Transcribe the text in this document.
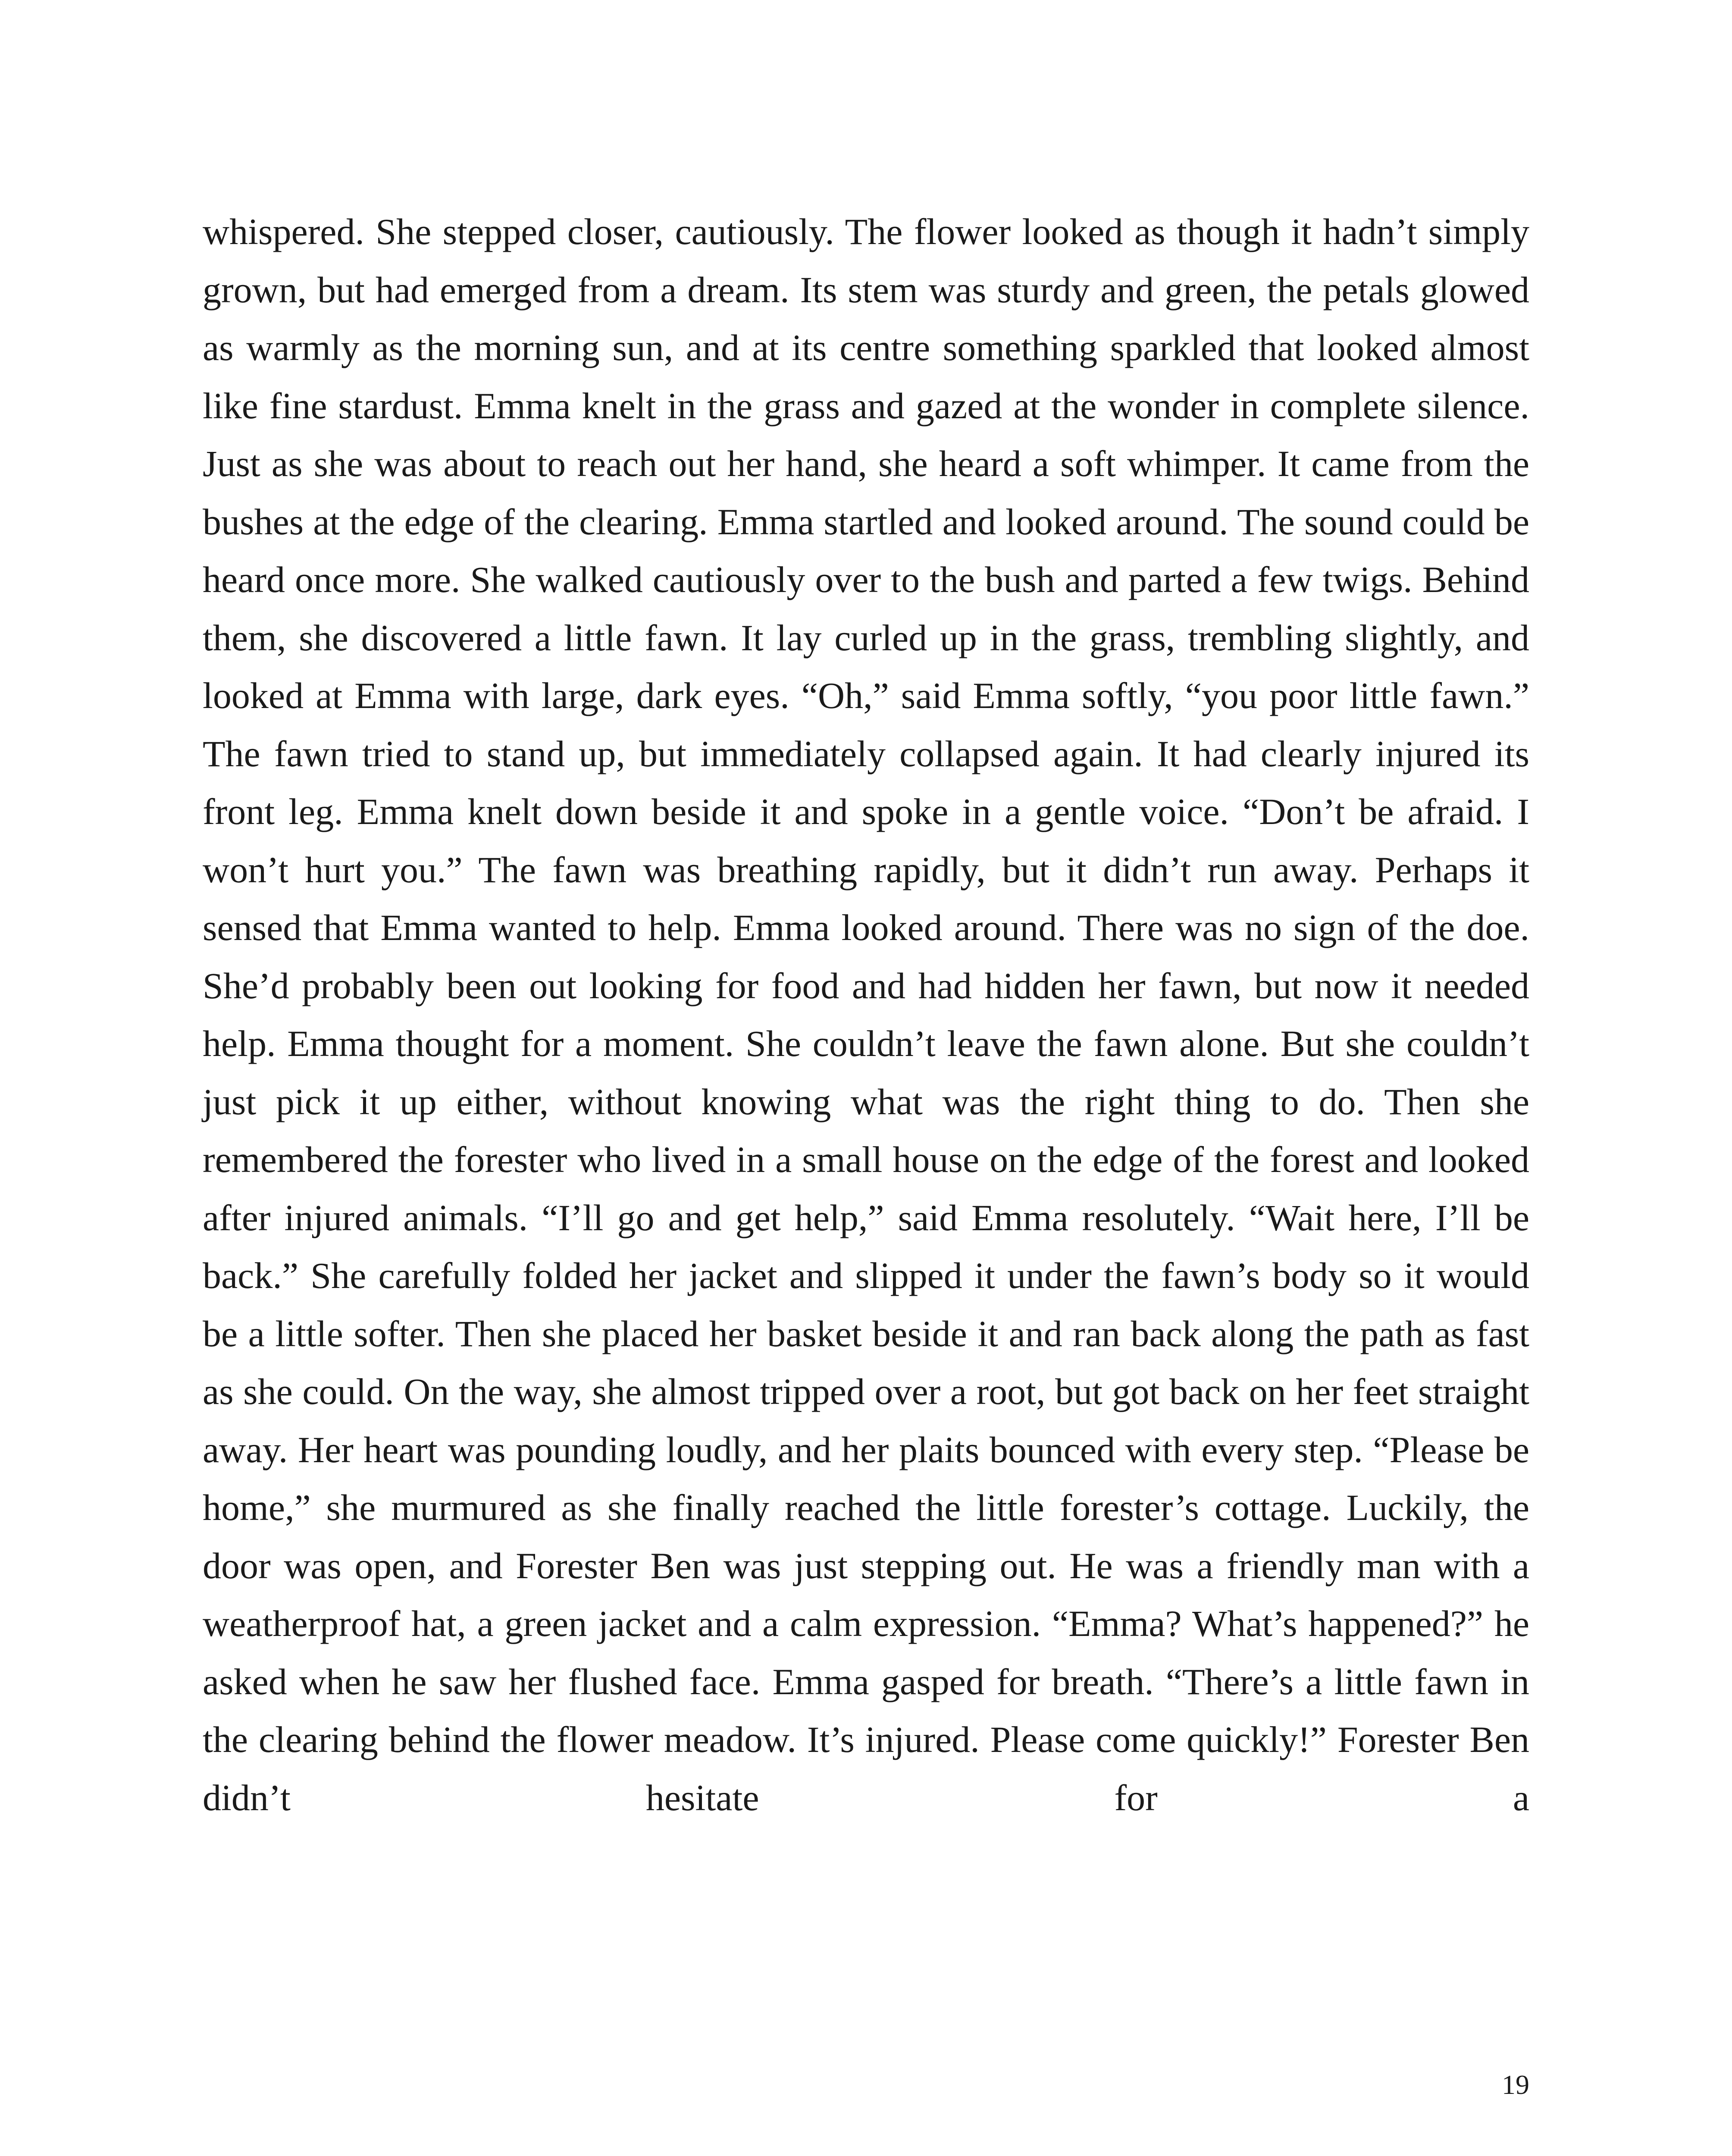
whispered. She stepped closer, cautiously. The flower looked as though it hadn’t simply grown, but had emerged from a dream. Its stem was sturdy and green, the petals glowed as warmly as the morning sun, and at its centre something sparkled that looked almost like fine stardust. Emma knelt in the grass and gazed at the wonder in complete silence. Just as she was about to reach out her hand, she heard a soft whimper. It came from the bushes at the edge of the clearing. Emma startled and looked around. The sound could be heard once more. She walked cautiously over to the bush and parted a few twigs. Behind them, she discovered a little fawn. It lay curled up in the grass, trembling slightly, and looked at Emma with large, dark eyes. “Oh,” said Emma softly, “you poor little fawn.” The fawn tried to stand up, but immediately collapsed again. It had clearly injured its front leg. Emma knelt down beside it and spoke in a gentle voice. “Don’t be afraid. I won’t hurt you.” The fawn was breathing rapidly, but it didn’t run away. Perhaps it sensed that Emma wanted to help. Emma looked around. There was no sign of the doe. She’d probably been out looking for food and had hidden her fawn, but now it needed help. Emma thought for a moment. She couldn’t leave the fawn alone. But she couldn’t just pick it up either, without knowing what was the right thing to do. Then she remembered the forester who lived in a small house on the edge of the forest and looked after injured animals. “I’ll go and get help,” said Emma resolutely. “Wait here, I’ll be back.” She carefully folded her jacket and slipped it under the fawn’s body so it would be a little softer. Then she placed her basket beside it and ran back along the path as fast as she could. On the way, she almost tripped over a root, but got back on her feet straight away. Her heart was pounding loudly, and her plaits bounced with every step. “Please be home,” she murmured as she finally reached the little forester’s cottage. Luckily, the door was open, and Forester Ben was just stepping out. He was a friendly man with a weatherproof hat, a green jacket and a calm expression. “Emma? What’s happened?” he asked when he saw her flushed face. Emma gasped for breath. “There’s a little fawn in the clearing behind the flower meadow. It’s injured. Please come quickly!” Forester Ben didn’t hesitate for a

19
